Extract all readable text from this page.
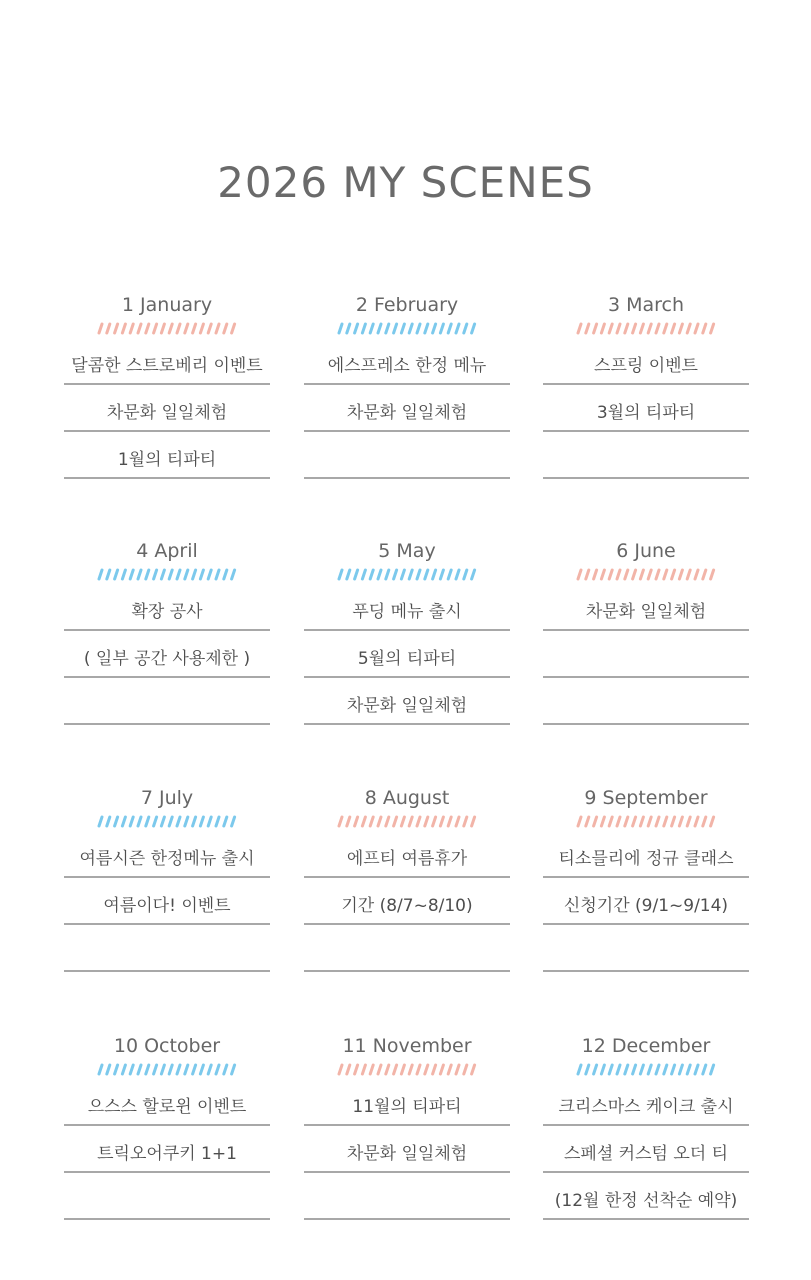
2026 MY SCENES
1 January
달콤한 스트로베리 이벤트
차문화 일일체험
1월의 티파티
2 February
에스프레소 한정 메뉴
차문화 일일체험
3 March
스프링 이벤트
3월의 티파티
4 April
확장 공사
( 일부 공간 사용제한 )
5 May
푸딩 메뉴 출시
5월의 티파티
차문화 일일체험
6 June
차문화 일일체험
7 July
여름시즌 한정메뉴 출시
여름이다! 이벤트
8 August
에프티 여름휴가
기간 (8/7~8/10)
9 September
티소믈리에 정규 클래스
신청기간 (9/1~9/14)
10 October
으스스 할로윈 이벤트
트릭오어쿠키 1+1
11 November
11월의 티파티
차문화 일일체험
12 December
크리스마스 케이크 출시
스페셜 커스텀 오더 티
(12월 한정 선착순 예약)
